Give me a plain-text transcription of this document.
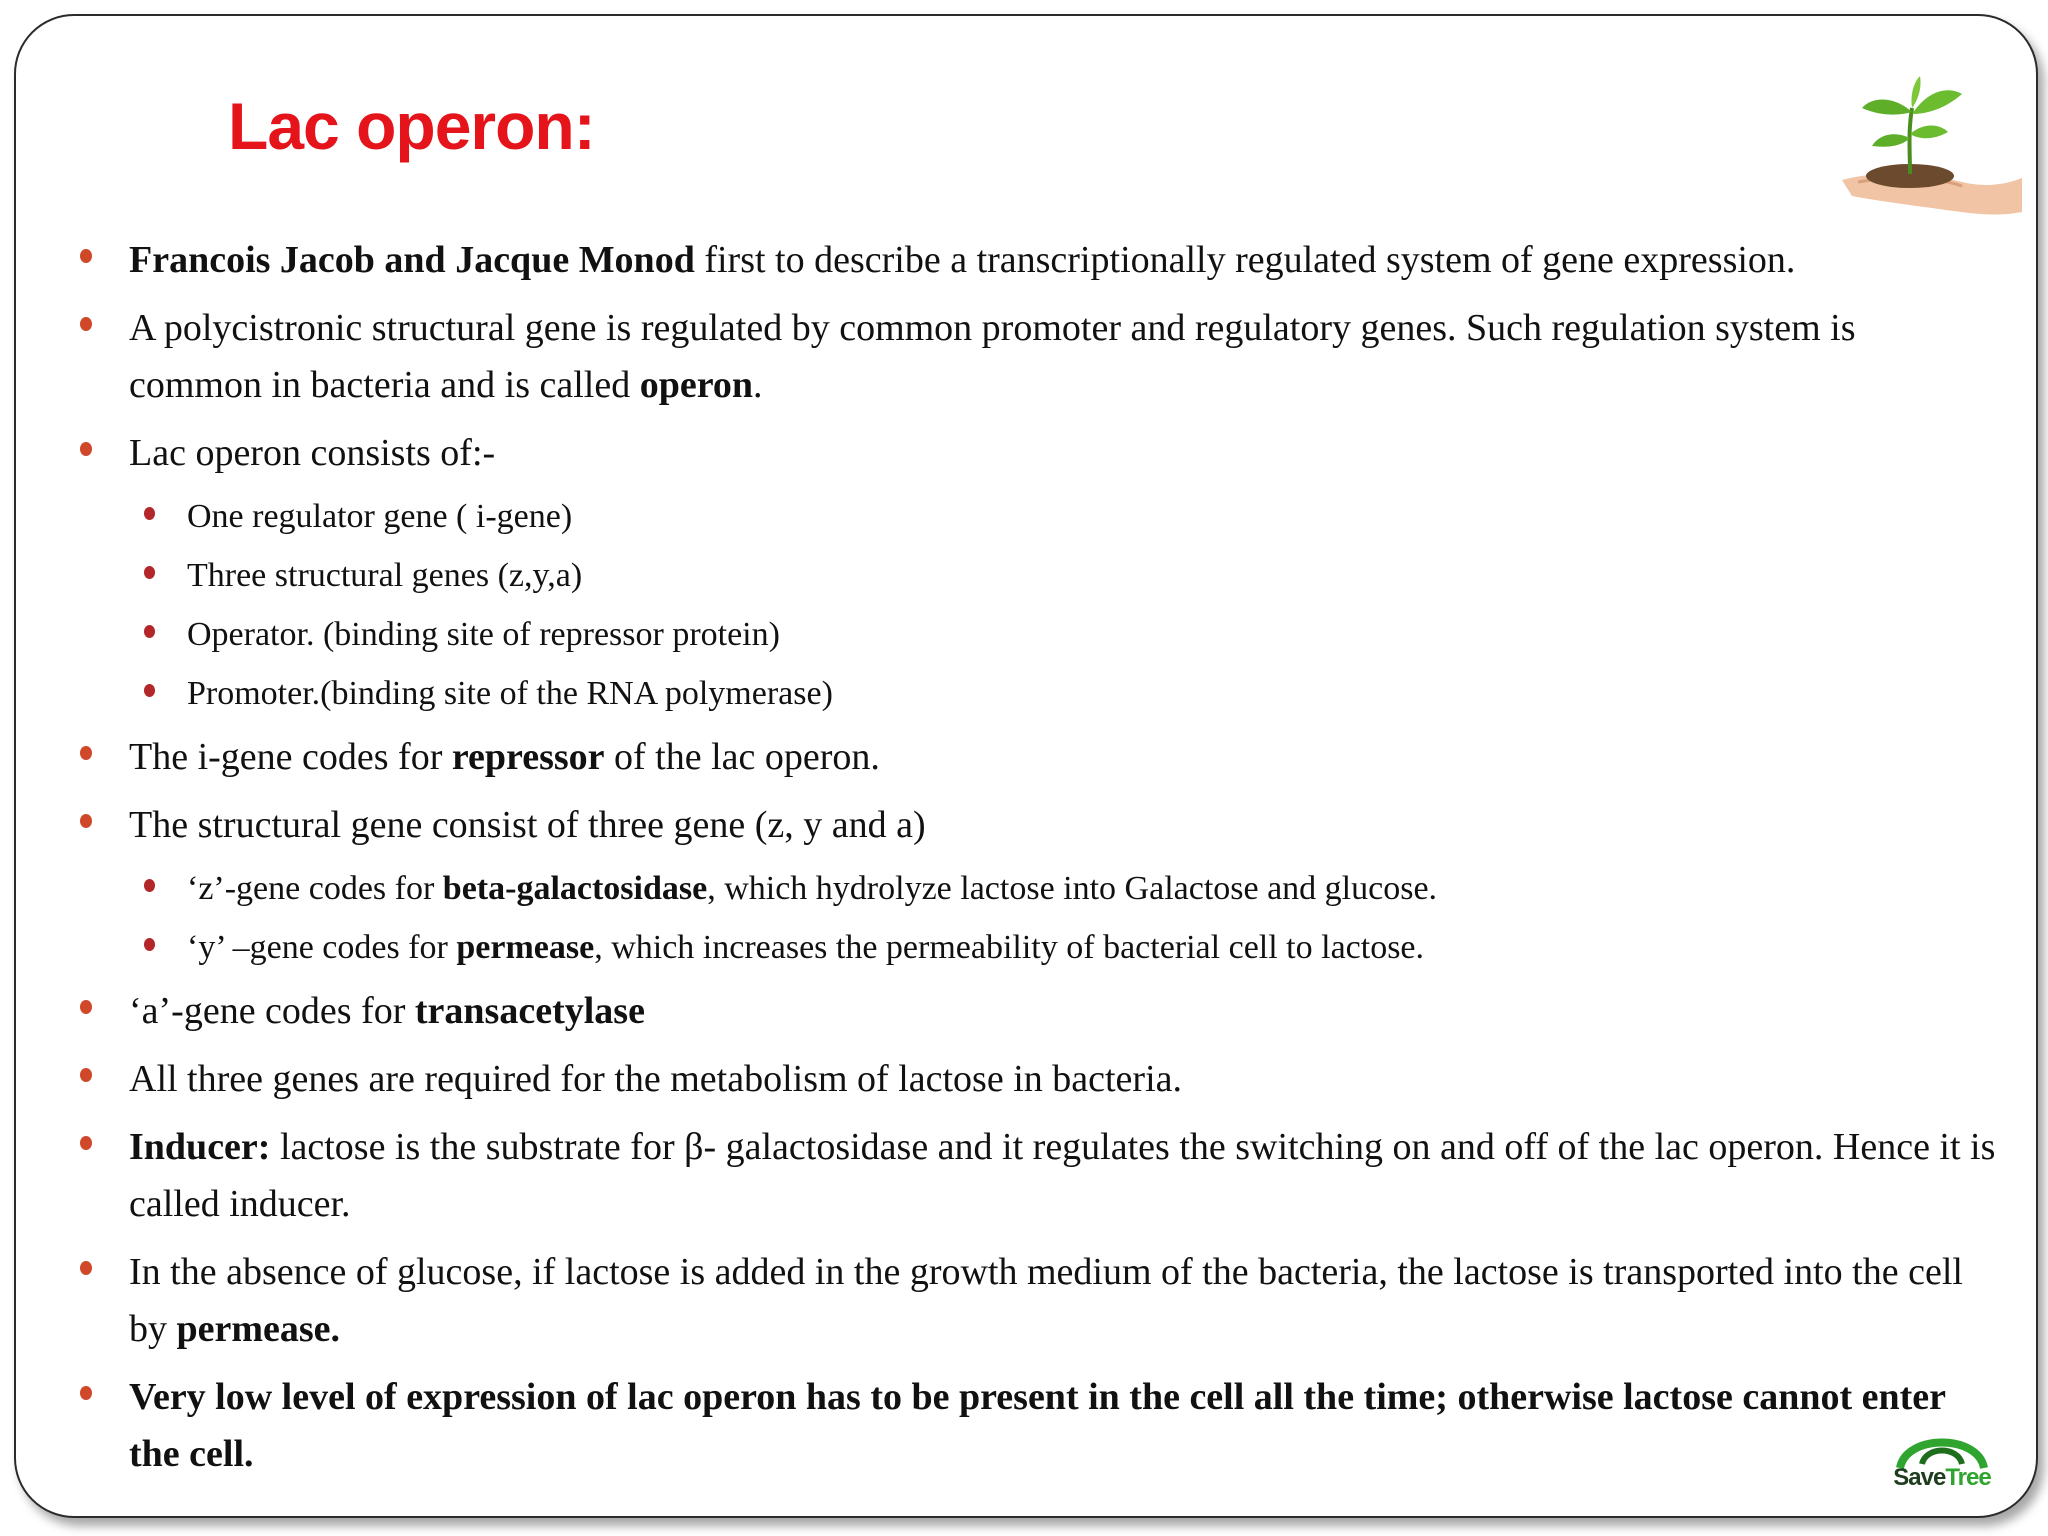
Lac operon:
Francois Jacob and Jacque Monod first to describe a transcriptionally regulated system of gene expression.
A polycistronic structural gene is regulated by common promoter and regulatory genes. Such regulation system is common in bacteria and is called operon.
Lac operon consists of:-
One regulator gene ( i-gene)
Three structural genes (z,y,a)
Operator. (binding site of repressor protein)
Promoter.(binding site of the RNA polymerase)
The i-gene codes for repressor of the lac operon.
The structural gene consist of three gene (z, y and a)
‘z’-gene codes for beta-galactosidase, which hydrolyze lactose into Galactose and glucose.
‘y’ –gene codes for permease, which increases the permeability of bacterial cell to lactose.
‘a’-gene codes for transacetylase
All three genes are required for the metabolism of lactose in bacteria.
Inducer: lactose is the substrate for β- galactosidase and it regulates the switching on and off of the lac operon. Hence it is called inducer.
In the absence of glucose, if lactose is added in the growth medium of the bacteria, the lactose is transported into the cell by permease.
Very low level of expression of lac operon has to be present in the cell all the time; otherwise lactose cannot enter the cell.
SaveTree
